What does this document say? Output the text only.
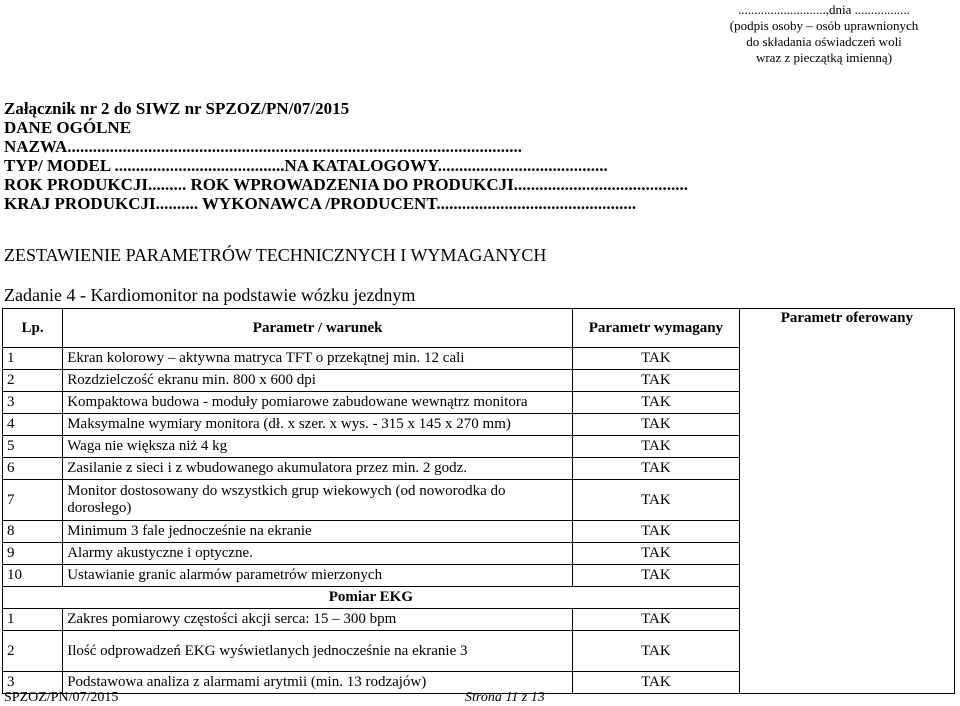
...........................,dnia .................
(podpis osoby – osób uprawnionych
do składania oświadczeń woli
wraz z pieczątką imienną)
Załącznik nr 2 do SIWZ nr SPZOZ/PN/07/2015
DANE OGÓLNE
NAZWA...........................................................................................................
TYP/ MODEL ........................................NA KATALOGOWY........................................
ROK PRODUKCJI......... ROK WPROWADZENIA DO PRODUKCJI.........................................
KRAJ PRODUKCJI.......... WYKONAWCA /PRODUCENT...............................................
ZESTAWIENIE PARAMETRÓW TECHNICZNYCH I WYMAGANYCH
Zadanie 4 - Kardiomonitor na podstawie wózku jezdnym
Lp.	Parametr / warunek	Parametr wymagany	Parametr oferowany
1	Ekran kolorowy – aktywna matryca TFT o przekątnej min. 12 cali	TAK	
2	Rozdzielczość ekranu min. 800 x 600 dpi	TAK	
3	Kompaktowa budowa - moduły pomiarowe zabudowane wewnątrz monitora	TAK	
4	Maksymalne wymiary monitora (dł. x szer. x wys. - 315 x 145 x 270 mm)	TAK	
5	Waga nie większa niż 4 kg	TAK	
6	Zasilanie z sieci i z wbudowanego akumulatora przez min. 2 godz.	TAK	
7	Monitor dostosowany do wszystkich grup wiekowych (od noworodka do dorosłego)	TAK	
8	Minimum 3 fale jednocześnie na ekranie	TAK	
9	Alarmy akustyczne i optyczne.	TAK	
10	Ustawianie granic alarmów parametrów mierzonych	TAK	
Pomiar EKG			
1	Zakres pomiarowy częstości akcji serca: 15 – 300 bpm	TAK	
2	Ilość odprowadzeń EKG wyświetlanych jednocześnie na ekranie 3	TAK	
3	Podstawowa analiza z alarmami arytmii (min. 13 rodzajów)	TAK	
SPZOZ/PN/07/2015	Strona 11 z 13
